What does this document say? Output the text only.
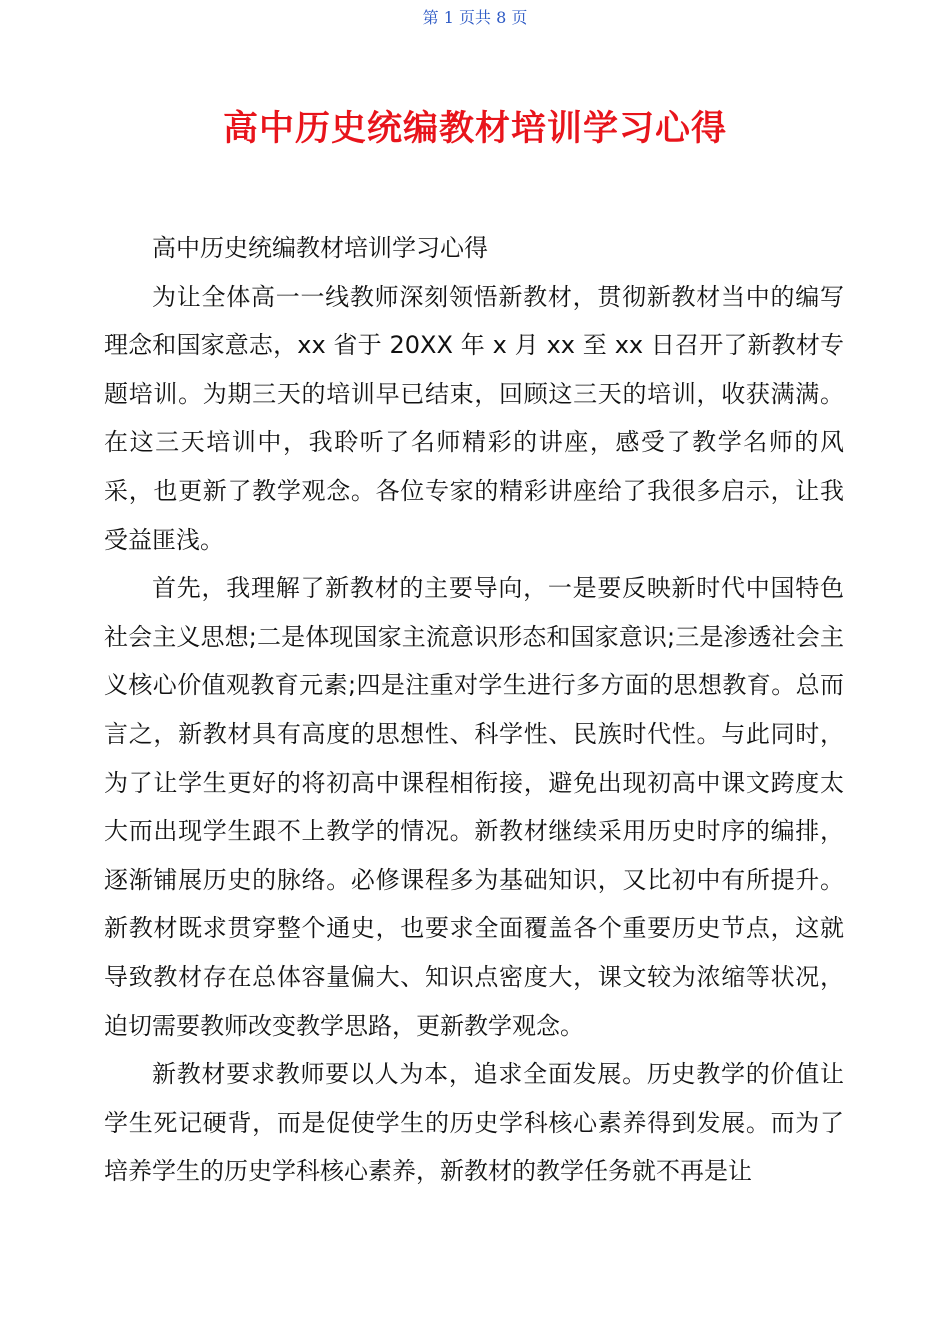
第 1 页共 8 页
高中历史统编教材培训学习心得

高中历史统编教材培训学习心得

为让全体高一一线教师深刻领悟新教材，贯彻新教材当中的编写理念和国家意志，xx 省于 20XX 年 x 月 xx 至 xx 日召开了新教材专题培训。为期三天的培训早已结束，回顾这三天的培训，收获满满。在这三天培训中，我聆听了名师精彩的讲座，感受了教学名师的风采，也更新了教学观念。各位专家的精彩讲座给了我很多启示，让我受益匪浅。

首先，我理解了新教材的主要导向，一是要反映新时代中国特色社会主义思想;二是体现国家主流意识形态和国家意识;三是渗透社会主义核心价值观教育元素;四是注重对学生进行多方面的思想教育。总而言之，新教材具有高度的思想性、科学性、民族时代性。与此同时，为了让学生更好的将初高中课程相衔接，避免出现初高中课文跨度太大而出现学生跟不上教学的情况。新教材继续采用历史时序的编排，逐渐铺展历史的脉络。必修课程多为基础知识，又比初中有所提升。新教材既求贯穿整个通史，也要求全面覆盖各个重要历史节点，这就导致教材存在总体容量偏大、知识点密度大，课文较为浓缩等状况，迫切需要教师改变教学思路，更新教学观念。

新教材要求教师要以人为本，追求全面发展。历史教学的价值让学生死记硬背，而是促使学生的历史学科核心素养得到发展。而为了培养学生的历史学科核心素养，新教材的教学任务就不再是让
